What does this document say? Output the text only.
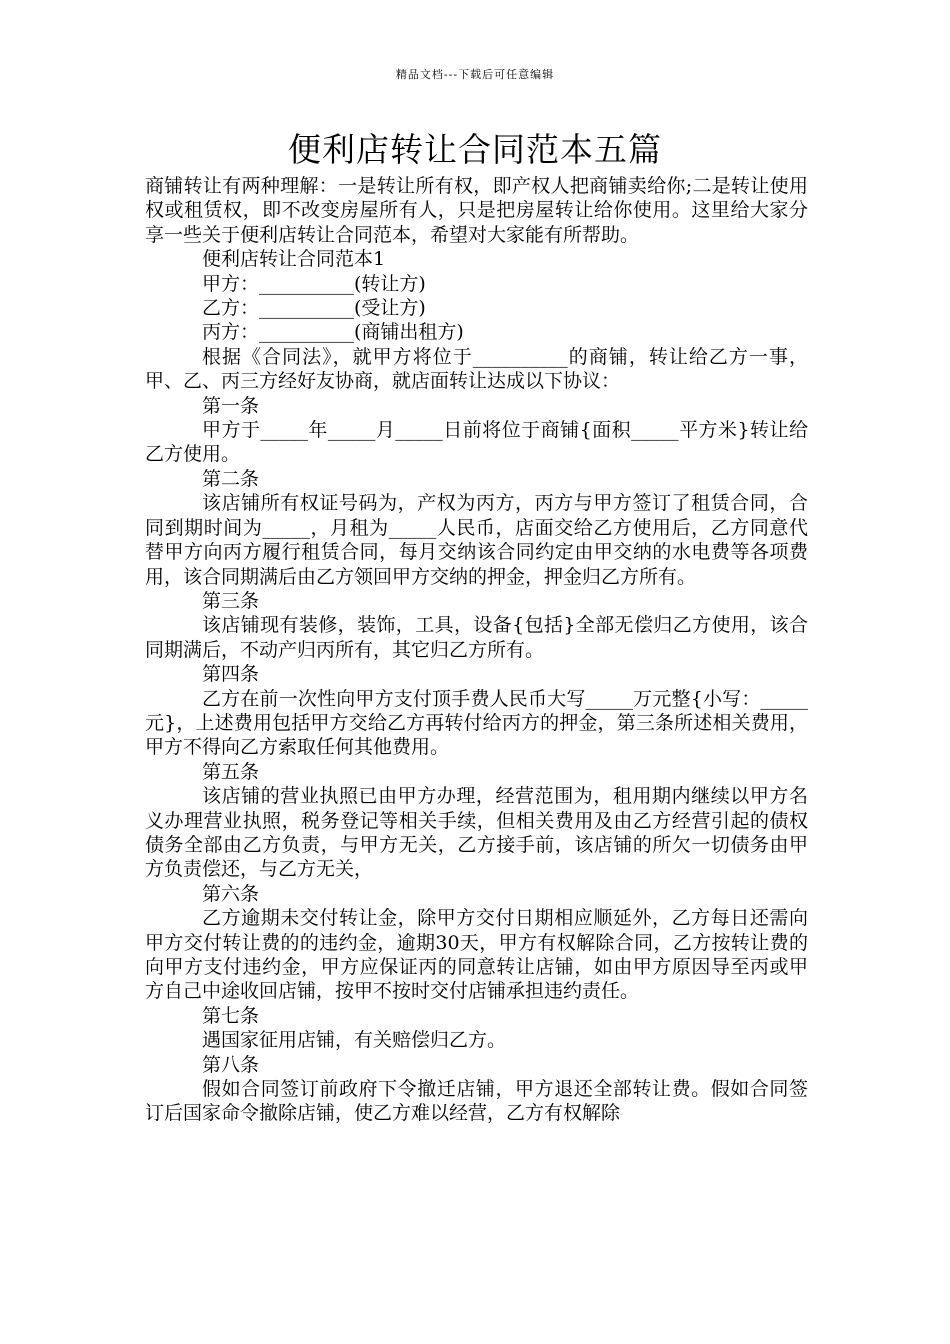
精品文档---下载后可任意编辑
便利店转让合同范本五篇

商铺转让有两种理解：一是转让所有权，即产权人把商铺卖给你;二是转让使用权或租赁权，即不改变房屋所有人，只是把房屋转让给你使用。这里给大家分享一些关于便利店转让合同范本，希望对大家能有所帮助。

便利店转让合同范本1

甲方：__________(转让方)

乙方：__________(受让方)

丙方：__________(商铺出租方)

根据《合同法》，就甲方将位于__________的商铺，转让给乙方一事，甲、乙、丙三方经好友协商，就店面转让达成以下协议：

第一条

甲方于_____年_____月_____日前将位于商铺{面积_____平方米}转让给乙方使用。

第二条

该店铺所有权证号码为，产权为丙方，丙方与甲方签订了租赁合同，合同到期时间为_____，月租为_____人民币，店面交给乙方使用后，乙方同意代替甲方向丙方履行租赁合同，每月交纳该合同约定由甲交纳的水电费等各项费用，该合同期满后由乙方领回甲方交纳的押金，押金归乙方所有。

第三条

该店铺现有装修，装饰，工具，设备{包括}全部无偿归乙方使用，该合同期满后，不动产归丙所有，其它归乙方所有。

第四条

乙方在前一次性向甲方支付顶手费人民币大写_____万元整{小写：_____元}，上述费用包括甲方交给乙方再转付给丙方的押金，第三条所述相关费用，甲方不得向乙方索取任何其他费用。

第五条

该店铺的营业执照已由甲方办理，经营范围为，租用期内继续以甲方名义办理营业执照，税务登记等相关手续，但相关费用及由乙方经营引起的债权债务全部由乙方负责，与甲方无关，乙方接手前，该店铺的所欠一切债务由甲方负责偿还，与乙方无关，

第六条

乙方逾期未交付转让金，除甲方交付日期相应顺延外，乙方每日还需向甲方交付转让费的的违约金，逾期30天，甲方有权解除合同，乙方按转让费的向甲方支付违约金，甲方应保证丙的同意转让店铺，如由甲方原因导至丙或甲方自己中途收回店铺，按甲不按时交付店铺承担违约责任。

第七条

遇国家征用店铺，有关赔偿归乙方。

第八条

假如合同签订前政府下令撤迁店铺，甲方退还全部转让费。假如合同签订后国家命令撤除店铺，使乙方难以经营，乙方有权解除
